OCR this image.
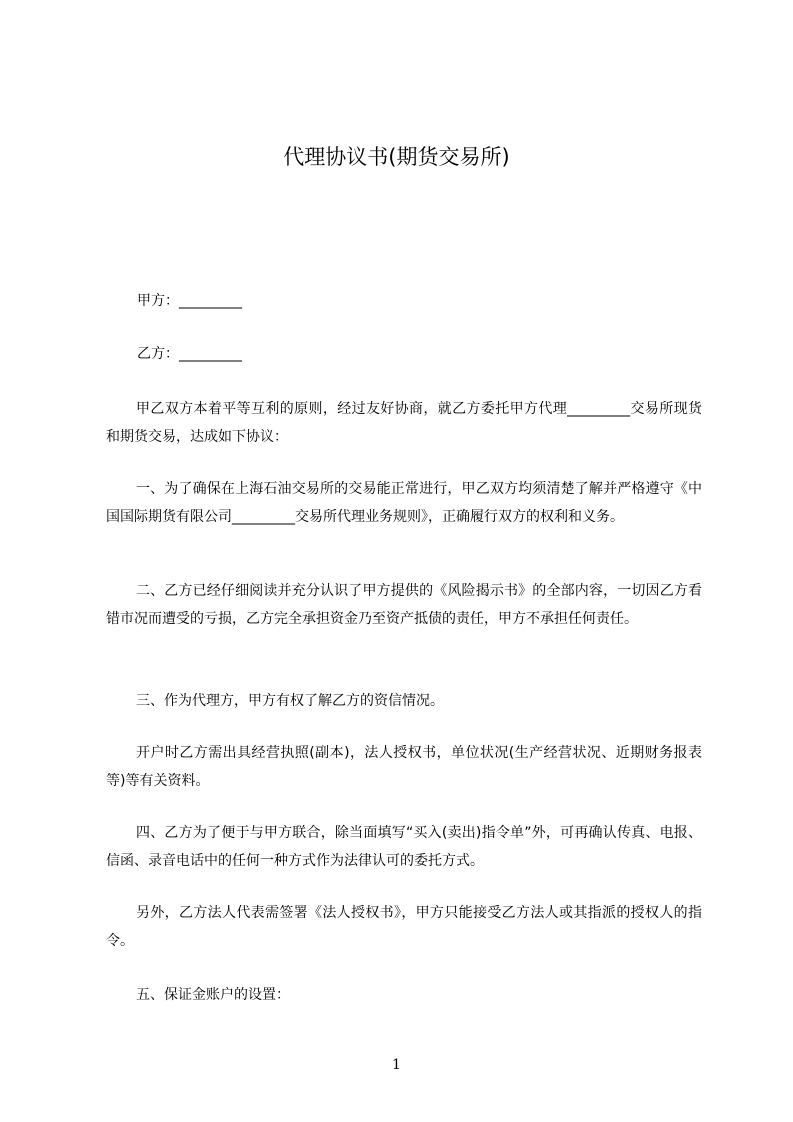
代理协议书(期货交易所)
甲方：_________
乙方：_________
甲乙双方本着平等互利的原则，经过友好协商，就乙方委托甲方代理_________交易所现货和期货交易，达成如下协议：
一、为了确保在上海石油交易所的交易能正常进行，甲乙双方均须清楚了解并严格遵守《中国国际期货有限公司_________交易所代理业务规则》，正确履行双方的权利和义务。
二、乙方已经仔细阅读并充分认识了甲方提供的《风险揭示书》的全部内容，一切因乙方看错市况而遭受的亏损，乙方完全承担资金乃至资产抵债的责任，甲方不承担任何责任。
三、作为代理方，甲方有权了解乙方的资信情况。
开户时乙方需出具经营执照(副本)，法人授权书，单位状况(生产经营状况、近期财务报表等)等有关资料。
四、乙方为了便于与甲方联合，除当面填写“买入(卖出)指令单”外，可再确认传真、电报、信函、录音电话中的任何一种方式作为法律认可的委托方式。
另外，乙方法人代表需签署《法人授权书》，甲方只能接受乙方法人或其指派的授权人的指令。
五、保证金账户的设置：
1
